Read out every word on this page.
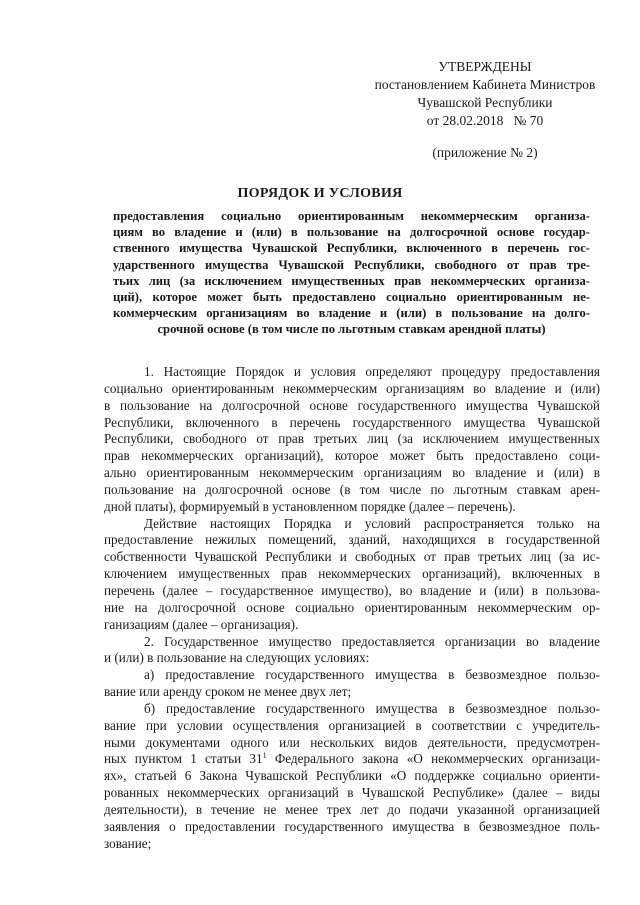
УТВЕРЖДЕНЫ
постановлением Кабинета Министров
Чувашской Республики
от 28.02.2018   № 70
(приложение № 2)
ПОРЯДОК И УСЛОВИЯ
предоставления социально ориентированным некоммерческим организа-
циям во владение и (или) в пользование на долгосрочной основе государ-
ственного имущества Чувашской Республики, включенного в перечень гос-
ударственного имущества Чувашской Республики, свободного от прав тре-
тьих лиц (за исключением имущественных прав некоммерческих организа-
ций), которое может быть предоставлено социально ориентированным не-
коммерческим организациям во владение и (или) в пользование на долго-
срочной основе (в том числе по льготным ставкам арендной платы)
1. Настоящие Порядок и условия определяют процедуру предоставления
социально ориентированным некоммерческим организациям во владение и (или)
в пользование на долгосрочной основе государственного имущества Чувашской
Республики, включенного в перечень государственного имущества Чувашской
Республики, свободного от прав третьих лиц (за исключением имущественных
прав некоммерческих организаций), которое может быть предоставлено соци-
ально ориентированным некоммерческим организациям во владение и (или) в
пользование на долгосрочной основе (в том числе по льготным ставкам арен-
дной платы), формируемый в установленном порядке (далее – перечень).
Действие настоящих Порядка и условий распространяется только на
предоставление нежилых помещений, зданий, находящихся в государственной
собственности Чувашской Республики и свободных от прав третьих лиц (за ис-
ключением имущественных прав некоммерческих организаций), включенных в
перечень (далее – государственное имущество), во владение и (или) в пользова-
ние на долгосрочной основе социально ориентированным некоммерческим ор-
ганизациям (далее – организация).
2. Государственное имущество предоставляется организации во владение
и (или) в пользование на следующих условиях:
а) предоставление государственного имущества в безвозмездное пользо-
вание или аренду сроком не менее двух лет;
б) предоставление государственного имущества в безвозмездное пользо-
вание при условии осуществления организацией в соответствии с учредитель-
ными документами одного или нескольких видов деятельности, предусмотрен-
ных пунктом 1 статьи $31^1$ Федерального закона «О некоммерческих организаци-
ях», статьей 6 Закона Чувашской Республики «О поддержке социально ориенти-
рованных некоммерческих организаций в Чувашской Республике» (далее – виды
деятельности), в течение не менее трех лет до подачи указанной организацией
заявления о предоставлении государственного имущества в безвозмездное поль-
зование;
